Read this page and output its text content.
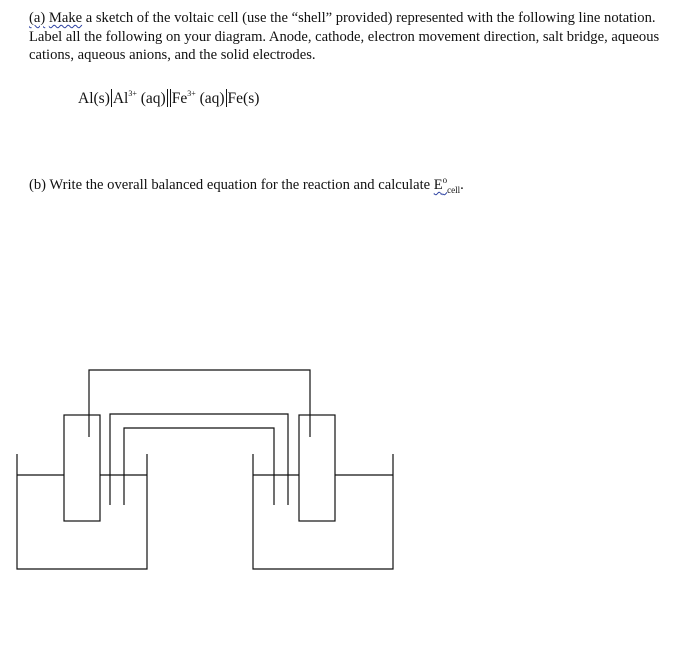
(a) Make a sketch of the voltaic cell (use the “shell” provided) represented with the following line notation. Label all the following on your diagram. Anode, cathode, electron movement direction, salt bridge, aqueous cations, aqueous anions, and the solid electrodes.

Al(s) $Al^{3+}$ (aq) $Fe^{3+}$ (aq) Fe(s)

(b) Write the overall balanced equation for the reaction and calculate $E^o_{cell}$.
